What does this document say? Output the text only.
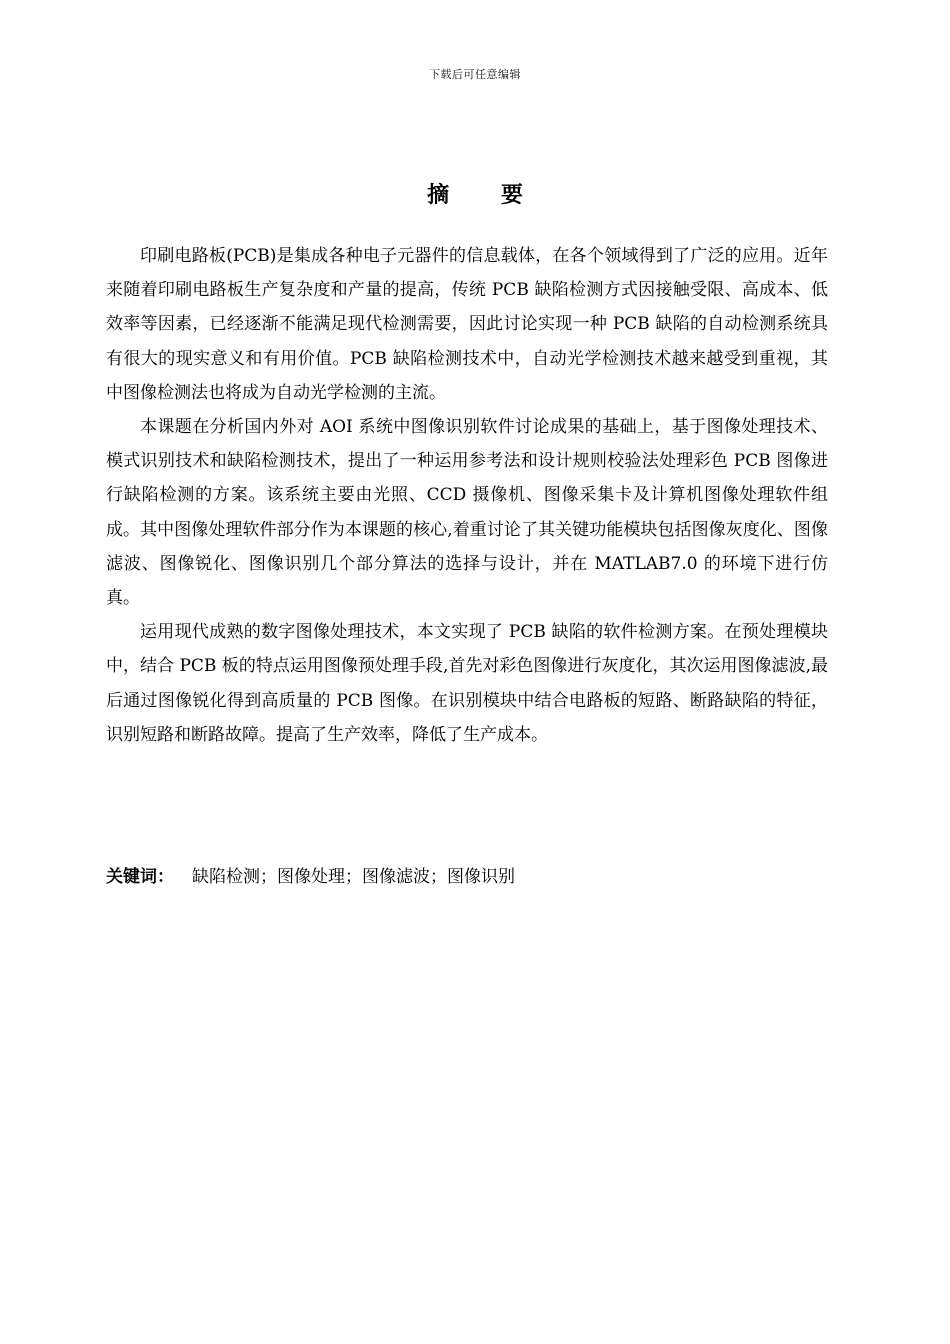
下载后可任意编辑
摘 要

印刷电路板(PCB)是集成各种电子元器件的信息载体，在各个领域得到了广泛的应用。近年来随着印刷电路板生产复杂度和产量的提高，传统 PCB 缺陷检测方式因接触受限、高成本、低效率等因素，已经逐渐不能满足现代检测需要，因此讨论实现一种 PCB 缺陷的自动检测系统具有很大的现实意义和有用价值。PCB 缺陷检测技术中，自动光学检测技术越来越受到重视，其中图像检测法也将成为自动光学检测的主流。

本课题在分析国内外对 AOI 系统中图像识别软件讨论成果的基础上，基于图像处理技术、模式识别技术和缺陷检测技术，提出了一种运用参考法和设计规则校验法处理彩色 PCB 图像进行缺陷检测的方案。该系统主要由光照、CCD 摄像机、图像采集卡及计算机图像处理软件组成。其中图像处理软件部分作为本课题的核心,着重讨论了其关键功能模块包括图像灰度化、图像滤波、图像锐化、图像识别几个部分算法的选择与设计，并在 MATLAB7.0 的环境下进行仿真。

运用现代成熟的数字图像处理技术，本文实现了 PCB 缺陷的软件检测方案。在预处理模块中，结合 PCB 板的特点运用图像预处理手段,首先对彩色图像进行灰度化，其次运用图像滤波,最后通过图像锐化得到高质量的 PCB 图像。在识别模块中结合电路板的短路、断路缺陷的特征，识别短路和断路故障。提高了生产效率，降低了生产成本。

关键词： 缺陷检测；图像处理；图像滤波；图像识别
